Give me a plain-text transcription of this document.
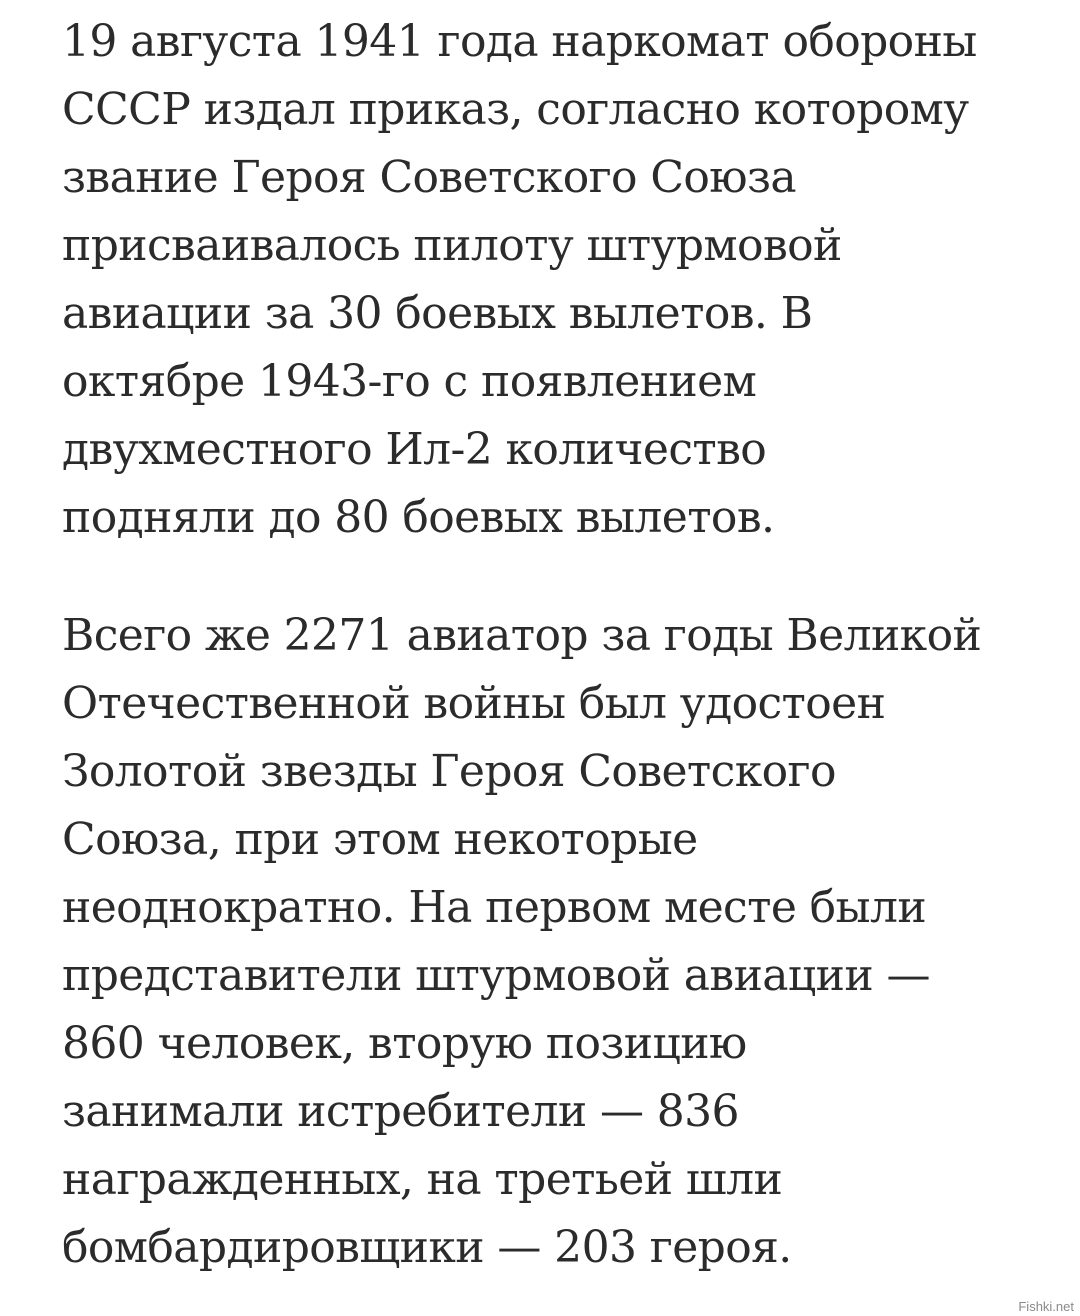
19 августа 1941 года наркомат обороны
СССР издал приказ, согласно которому
звание Героя Советского Союза
присваивалось пилоту штурмовой
авиации за 30 боевых вылетов. В
октябре 1943-го с появлением
двухместного Ил-2 количество
подняли до 80 боевых вылетов.
Всего же 2271 авиатор за годы Великой
Отечественной войны был удостоен
Золотой звезды Героя Советского
Союза, при этом некоторые
неоднократно. На первом месте были
представители штурмовой авиации —
860 человек, вторую позицию
занимали истребители — 836
награжденных, на третьей шли
бомбардировщики — 203 героя.
Fishki.net
